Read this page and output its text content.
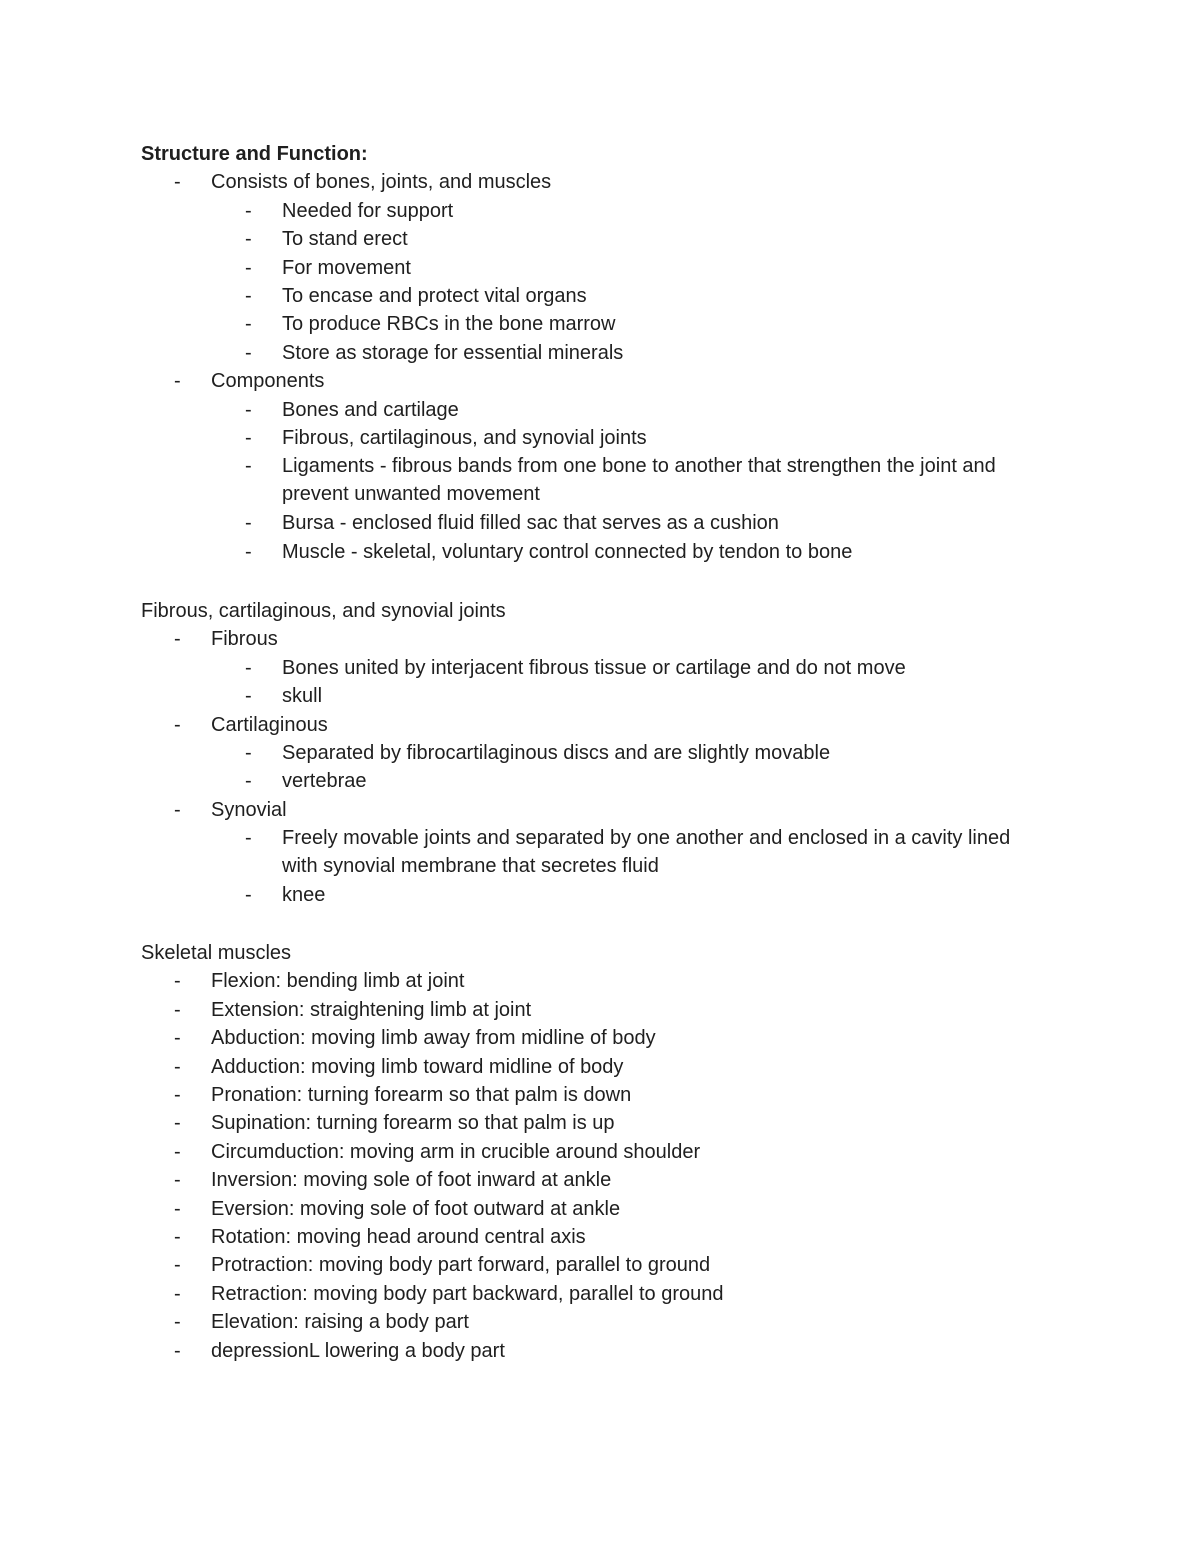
Structure and Function:
-	Consists of bones, joints, and muscles
-	Needed for support
-	To stand erect
-	For movement
-	To encase and protect vital organs
-	To produce RBCs in the bone marrow
-	Store as storage for essential minerals
-	Components
-	Bones and cartilage
-	Fibrous, cartilaginous, and synovial joints
-	Ligaments - fibrous bands from one bone to another that strengthen the joint and prevent unwanted movement
-	Bursa - enclosed fluid filled sac that serves as a cushion
-	Muscle - skeletal, voluntary control connected by tendon to bone
Fibrous, cartilaginous, and synovial joints
-	Fibrous
-	Bones united by interjacent fibrous tissue or cartilage and do not move
-	skull
-	Cartilaginous
-	Separated by fibrocartilaginous discs and are slightly movable
-	vertebrae
-	Synovial
-	Freely movable joints and separated by one another and enclosed in a cavity lined with synovial membrane that secretes fluid
-	knee
Skeletal muscles
-	Flexion: bending limb at joint
-	Extension: straightening limb at joint
-	Abduction: moving limb away from midline of body
-	Adduction: moving limb toward midline of body
-	Pronation: turning forearm so that palm is down
-	Supination: turning forearm so that palm is up
-	Circumduction: moving arm in crucible around shoulder
-	Inversion: moving sole of foot inward at ankle
-	Eversion: moving sole of foot outward at ankle
-	Rotation: moving head around central axis
-	Protraction: moving body part forward, parallel to ground
-	Retraction: moving body part backward, parallel to ground
-	Elevation: raising a body part
-	depressionL lowering a body part
